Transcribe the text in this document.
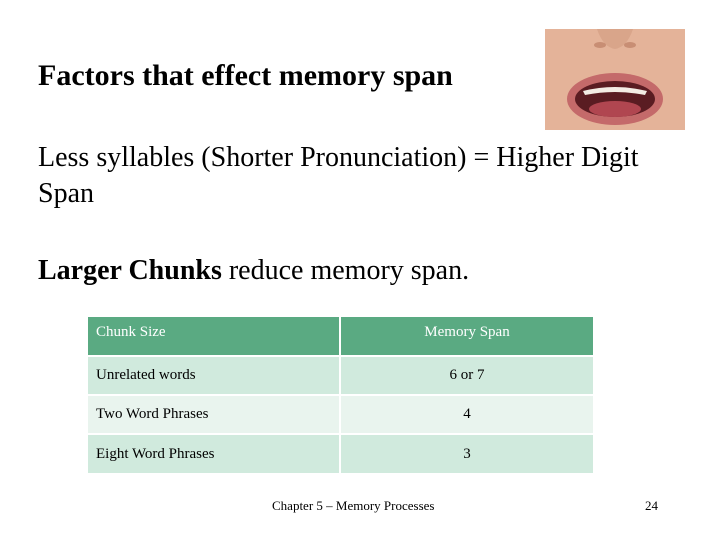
Factors that effect memory span
Less syllables (Shorter Pronunciation) = Higher Digit Span
Larger Chunks reduce memory span.
Chunk Size	Memory Span
Unrelated words	6 or 7
Two Word Phrases	4
Eight Word Phrases	3
Chapter 5 – Memory Processes	24
